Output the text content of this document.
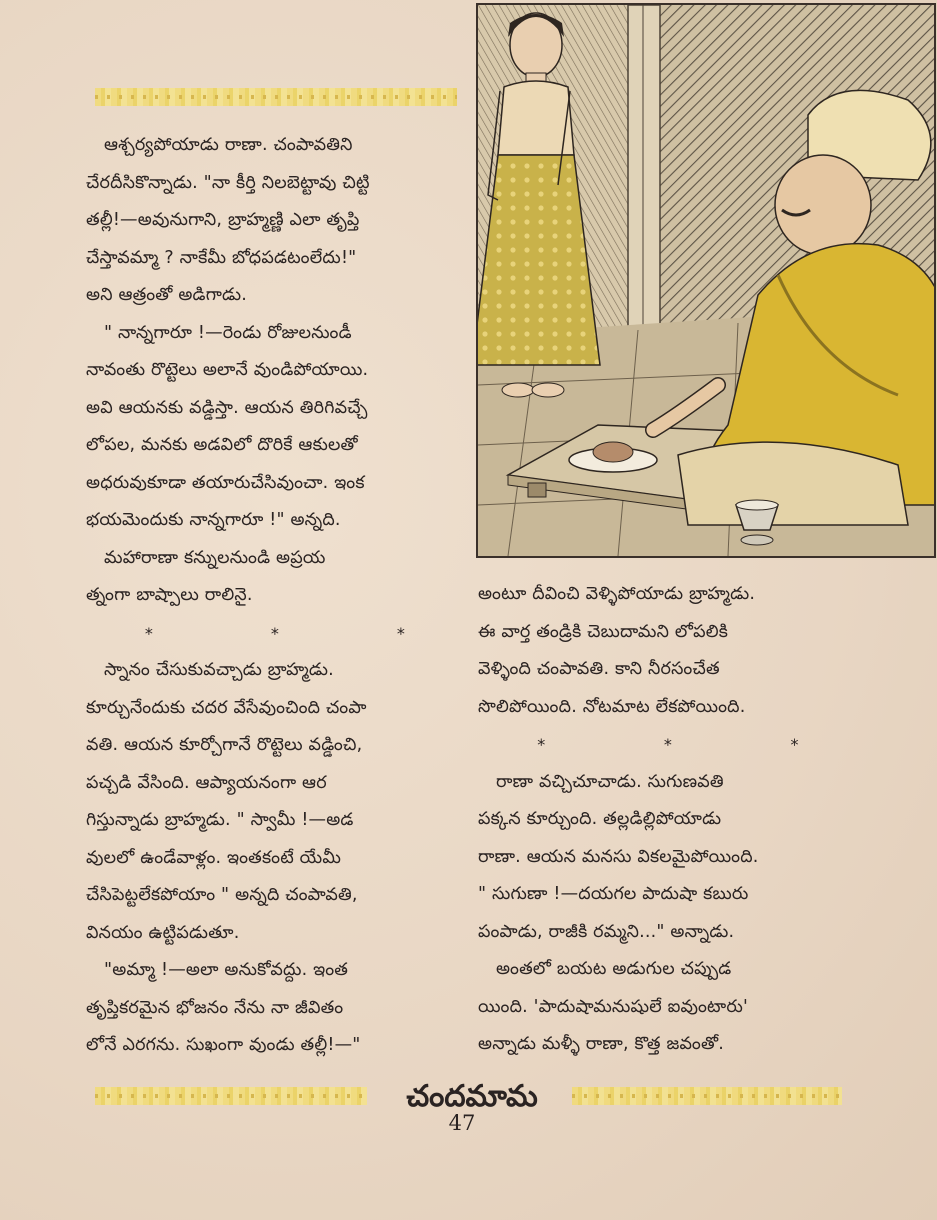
ఆశ్చర్యపోయాడు రాణా. చంపావతిని

చేరదీసికొన్నాడు. "నా కీర్తి నిలబెట్టావు చిట్టి

తల్లీ!—అవునుగాని, బ్రాహ్మణ్ణి ఎలా తృప్తి

చేస్తావమ్మా ? నాకేమీ బోధపడటంలేదు!"

అని ఆత్రంతో అడిగాడు.

" నాన్నగారూ !—రెండు రోజులనుండీ

నావంతు రొట్టెలు అలానే వుండిపోయాయి.

అవి ఆయనకు వడ్డిస్తా. ఆయన తిరిగివచ్చే

లోపల, మనకు అడవిలో దొరికే ఆకులతో

అధరువుకూడా తయారుచేసివుంచా. ఇంక

భయమెందుకు నాన్నగారూ !" అన్నది.

మహారాణా కన్నులనుండి అప్రయ

త్నంగా బాష్పాలు రాలినై.

*	*	*

స్నానం చేసుకువచ్చాడు బ్రాహ్మడు.

కూర్చునేందుకు చదర వేసేవుంచింది చంపా

వతి. ఆయన కూర్చోగానే రొట్టెలు వడ్డించి,

పచ్చడి వేసింది. ఆప్యాయనంగా ఆర

గిస్తున్నాడు బ్రాహ్మడు. " స్వామీ !—అడ

వులలో ఉండేవాళ్లం. ఇంతకంటే యేమీ

చేసిపెట్టలేకపోయాం " అన్నది చంపావతి,

వినయం ఉట్టిపడుతూ.

"అమ్మా !—అలా అనుకోవద్దు. ఇంత

తృప్తికరమైన భోజనం నేను నా జీవితం

లోనే ఎరగను. సుఖంగా వుండు తల్లీ!—"

అంటూ దీవించి వెళ్ళిపోయాడు బ్రాహ్మడు.

ఈ వార్త తండ్రికి చెబుదామని లోపలికి

వెళ్ళింది చంపావతి. కాని నీరసంచేత

సొలిపోయింది. నోటమాట లేకపోయింది.

*	*	*

రాణా వచ్చిచూచాడు. సుగుణవతి

పక్కన కూర్చుంది. తల్లడిల్లిపోయాడు

రాణా. ఆయన మనసు వికలమైపోయింది.

" సుగుణా !—దయగల పాదుషా కబురు

పంపాడు, రాజీకి రమ్మని..." అన్నాడు.

అంతలో బయట అడుగుల చప్పుడ

యింది. 'పాదుషామనుషులే ఐవుంటారు'

అన్నాడు మళ్ళీ రాణా, కొత్త జవంతో.

చందమామ
47
